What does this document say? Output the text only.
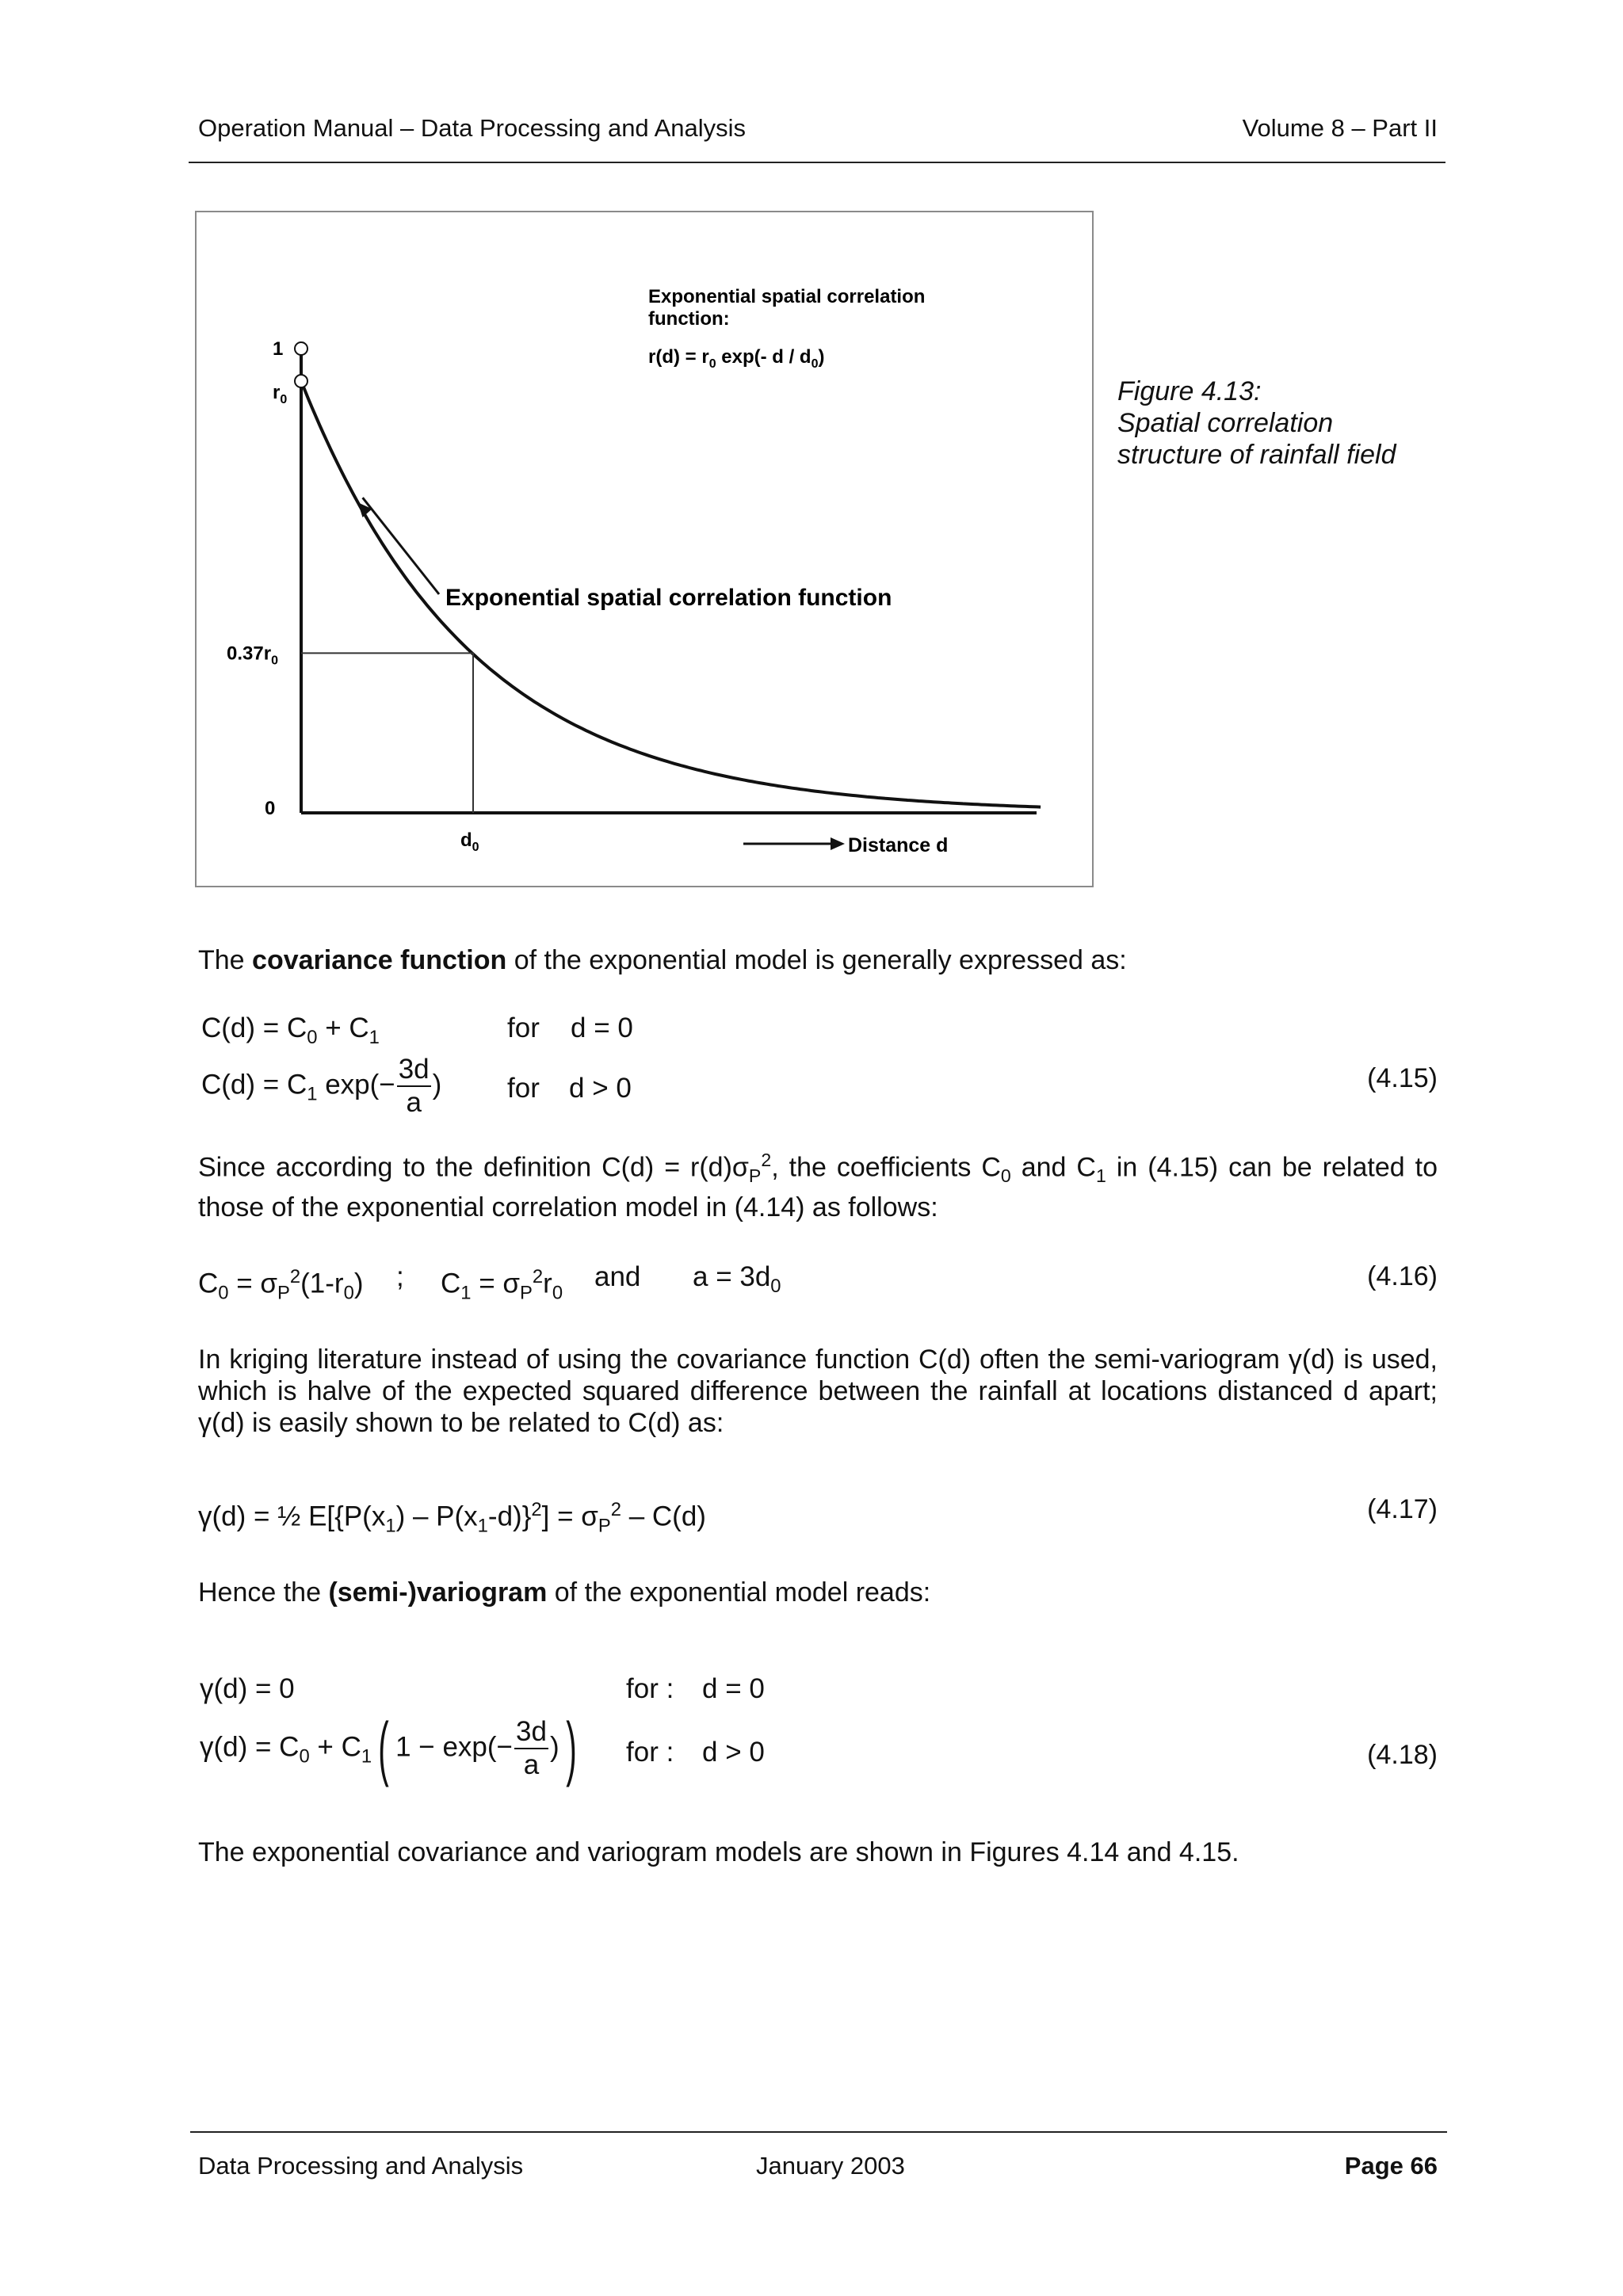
Operation Manual – Data Processing and Analysis	Volume 8 – Part II
Exponential spatial correlation
function:
$r(d) = r_0$ exp(- d / $d_0$)
1
$r_0$
$0.37r_0$
0
$d_0$	Distance d
Exponential spatial correlation function
Figure 4.13:
Spatial correlation
structure of rainfall field
The covariance function of the exponential model is generally expressed as:
$C(d) = C_0 + C_1$	for d = 0
$C(d) = C_1$ $\exp(- \frac{3d}{a}$ ) for d > 0	(4.15)
Since according to the definition $C(d) = r(d)\sigma_P^2$, the coefficients $C_0$ and $C_1$ in (4.15) can be related to those of the exponential correlation model in (4.14) as follows:
$C_0 = \sigma_P^2(1-r_0)$ ; $C_1 = \sigma_P^2r_0$
and $a = 3d_0$	(4.16)
In kriging literature instead of using the covariance function C(d) often the semi-variogram γ(d) is used, which is halve of the expected squared difference between the rainfall at locations distanced d apart; γ(d) is easily shown to be related to C(d) as:
γ(d) = ½ $E[\{P(x_1) - P(x_1-d)\}^2] = \sigma_P^2 - C(d)$	(4.17)
Hence the (semi-)variogram of the exponential model reads:
γ(d) = 0	for : d = 0
$\gamma(d) = C_0 + C_1$( $1 - \exp(- \frac{3d}{a}$ )) for : d > 0	(4.18)
The exponential covariance and variogram models are shown in Figures 4.14 and 4.15.
Data Processing and Analysis	January 2003	Page 66
